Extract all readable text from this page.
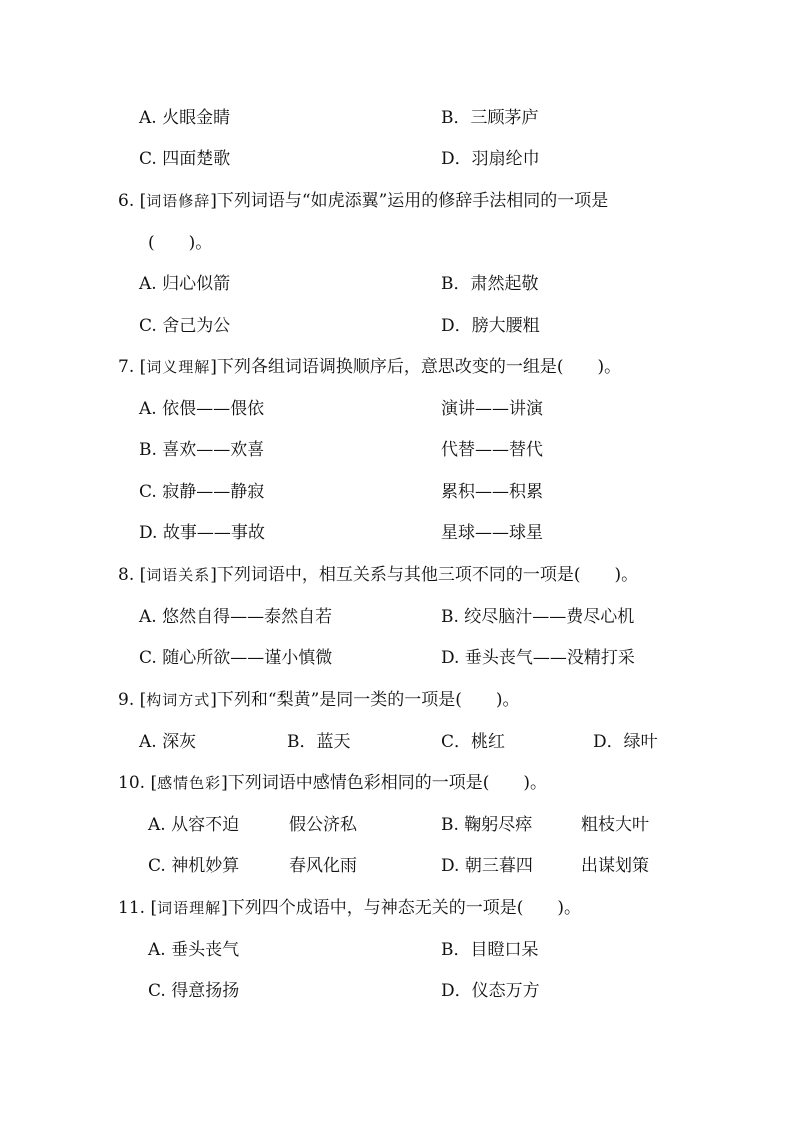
A. 火眼金睛	B．三顾茅庐
C. 四面楚歌	D．羽扇纶巾
6. [词语修辞]下列词语与“如虎添翼”运用的修辞手法相同的一项是
(　　)。
A. 归心似箭	B．肃然起敬
C. 舍己为公	D．膀大腰粗
7. [词义理解]下列各组词语调换顺序后，意思改变的一组是(　　)。
A. 依偎——偎依	演讲——讲演
B. 喜欢——欢喜	代替——替代
C. 寂静——静寂	累积——积累
D. 故事——事故	星球——球星
8. [词语关系]下列词语中，相互关系与其他三项不同的一项是(　　)。
A. 悠然自得——泰然自若	B. 绞尽脑汁——费尽心机
C. 随心所欲——谨小慎微	D. 垂头丧气——没精打采
9. [构词方式]下列和“梨黄”是同一类的一项是(　　)。
A. 深灰	B．蓝天	C．桃红	D．绿叶
10. [感情色彩]下列词语中感情色彩相同的一项是(　　)。
A. 从容不迫	假公济私	B. 鞠躬尽瘁	粗枝大叶
C. 神机妙算	春风化雨	D. 朝三暮四	出谋划策
11. [词语理解]下列四个成语中，与神态无关的一项是(　　)。
A. 垂头丧气	B．目瞪口呆
C. 得意扬扬	D．仪态万方
